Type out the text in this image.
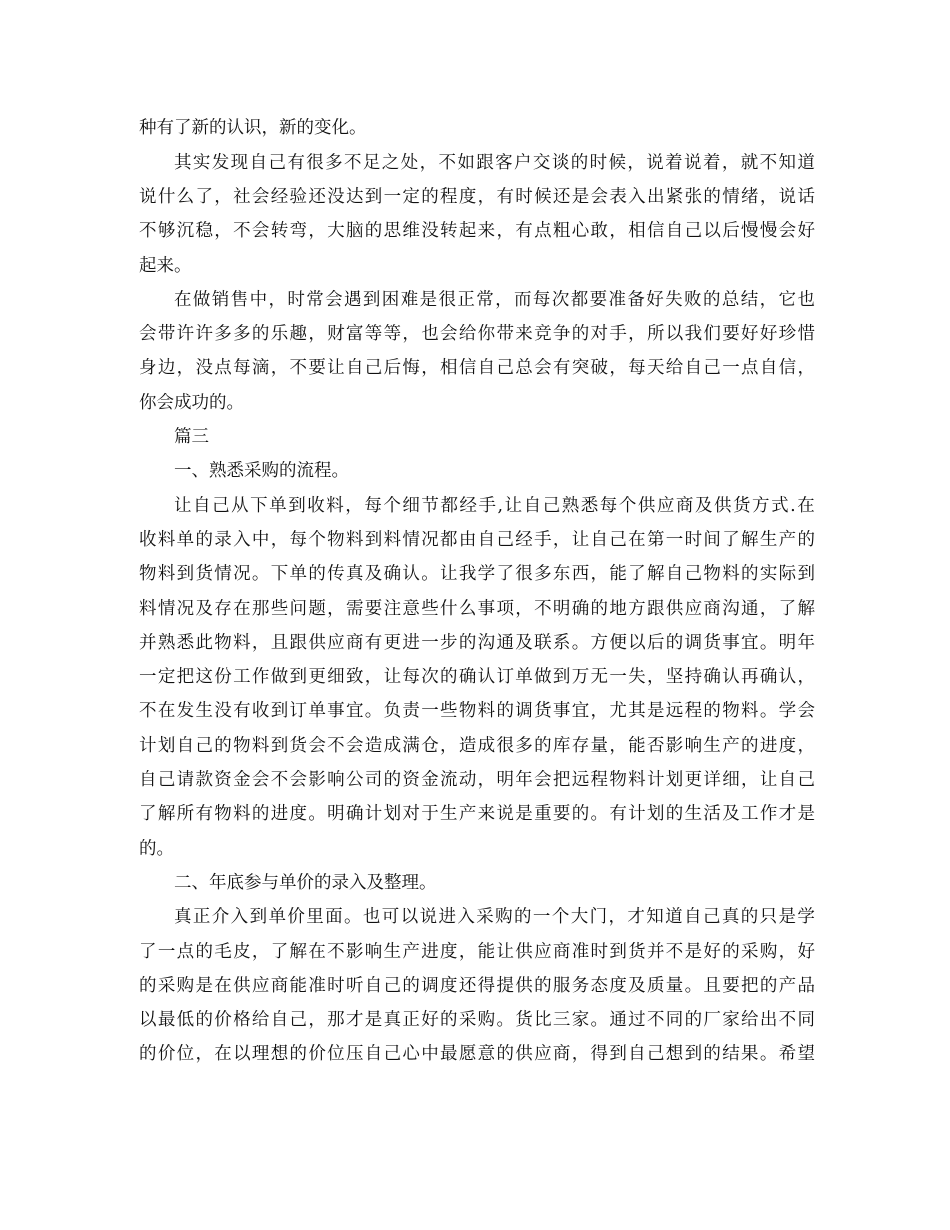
种有了新的认识，新的变化。
其 实 发 现 自 己 有 很 多 不 足 之 处 ， 不 如 跟 客 户 交 谈 的 时 候 ， 说 着 说 着 ， 就 不 知 道
说 什 么 了 ， 社 会 经 验 还 没 达 到 一 定 的 程 度 ， 有 时 候 还 是 会 表 入 出 紧 张 的 情 绪 ， 说 话
不 够 沉 稳 ， 不 会 转 弯 ， 大 脑 的 思 维 没 转 起 来 ， 有 点 粗 心 敢 ， 相 信 自 己 以 后 慢 慢 会 好
起来。
在 做 销 售 中 ， 时 常 会 遇 到 困 难 是 很 正 常 ， 而 每 次 都 要 准 备 好 失 败 的 总 结 ， 它 也
会 带 许 许 多 多 的 乐 趣 ， 财 富 等 等 ， 也 会 给 你 带 来 竞 争 的 对 手 ， 所 以 我 们 要 好 好 珍 惜
身 边 ， 没 点 每 滴 ， 不 要 让 自 己 后 悔 ， 相 信 自 己 总 会 有 突 破 ， 每 天 给 自 己 一 点 自 信 ，
你会成功的。
篇三
一、熟悉采购的流程。
让 自 己 从 下 单 到 收 料 ， 每 个 细 节 都 经 手 , 让 自 己 熟 悉 每 个 供 应 商 及 供 货 方 式 . 在
收 料 单 的 录 入 中 ， 每 个 物 料 到 料 情 况 都 由 自 己 经 手 ， 让 自 己 在 第 一 时 间 了 解 生 产 的
物 料 到 货 情 况 。 下 单 的 传 真 及 确 认 。 让 我 学 了 很 多 东 西 ， 能 了 解 自 己 物 料 的 实 际 到
料 情 况 及 存 在 那 些 问 题 ， 需 要 注 意 些 什 么 事 项 ， 不 明 确 的 地 方 跟 供 应 商 沟 通 ， 了 解
并 熟 悉 此 物 料 ， 且 跟 供 应 商 有 更 进 一 步 的 沟 通 及 联 系 。 方 便 以 后 的 调 货 事 宜 。 明 年
一 定 把 这 份 工 作 做 到 更 细 致 ， 让 每 次 的 确 认 订 单 做 到 万 无 一 失 ， 坚 持 确 认 再 确 认 ，
不 在 发 生 没 有 收 到 订 单 事 宜 。 负 责 一 些 物 料 的 调 货 事 宜 ， 尤 其 是 远 程 的 物 料 。 学 会
计 划 自 己 的 物 料 到 货 会 不 会 造 成 满 仓 ， 造 成 很 多 的 库 存 量 ， 能 否 影 响 生 产 的 进 度 ，
自 己 请 款 资 金 会 不 会 影 响 公 司 的 资 金 流 动 ， 明 年 会 把 远 程 物 料 计 划 更 详 细 ， 让 自 己
了 解 所 有 物 料 的 进 度 。 明 确 计 划 对 于 生 产 来 说 是 重 要 的 。 有 计 划 的 生 活 及 工 作 才 是
的。
二、年底参与单价的录入及整理。
真 正 介 入 到 单 价 里 面 。 也 可 以 说 进 入 采 购 的 一 个 大 门 ， 才 知 道 自 己 真 的 只 是 学
了 一 点 的 毛 皮 ， 了 解 在 不 影 响 生 产 进 度 ， 能 让 供 应 商 准 时 到 货 并 不 是 好 的 采 购 ， 好
的 采 购 是 在 供 应 商 能 准 时 听 自 己 的 调 度 还 得 提 供 的 服 务 态 度 及 质 量 。 且 要 把 的 产 品
以 最 低 的 价 格 给 自 己 ， 那 才 是 真 正 好 的 采 购 。 货 比 三 家 。 通 过 不 同 的 厂 家 给 出 不 同
的 价 位 ， 在 以 理 想 的 价 位 压 自 己 心 中 最 愿 意 的 供 应 商 ， 得 到 自 己 想 到 的 结 果 。 希 望
